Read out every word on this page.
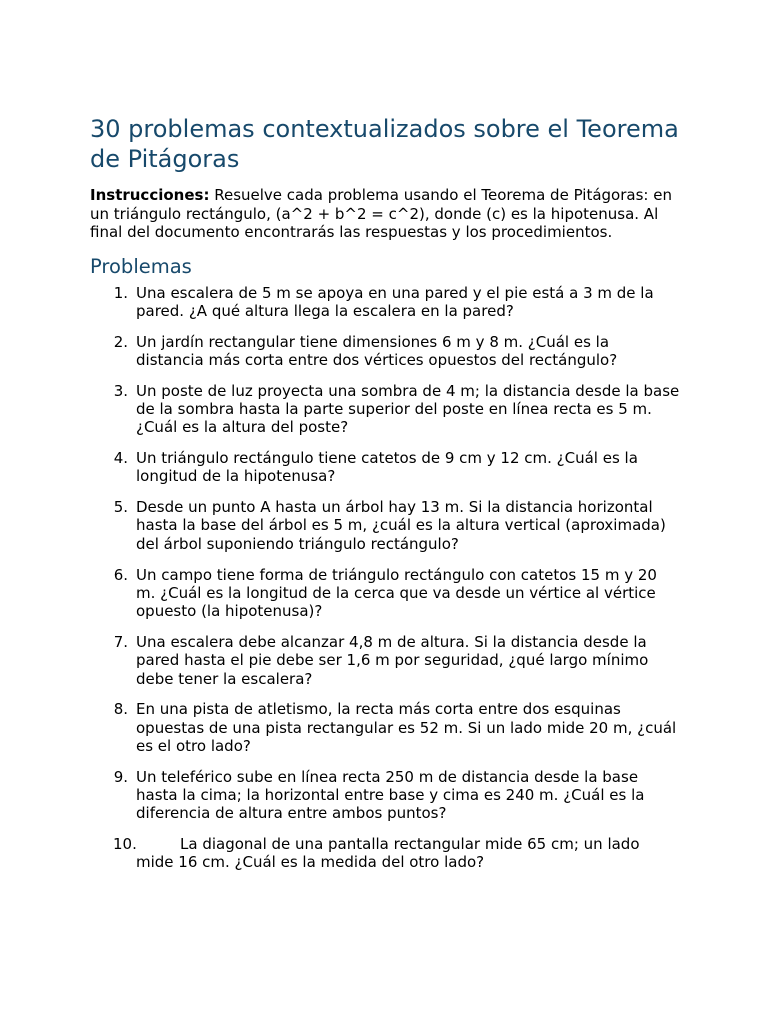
30 problemas contextualizados sobre el Teorema de Pitágoras

Instrucciones: Resuelve cada problema usando el Teorema de Pitágoras: en un triángulo rectángulo, (a^2 + b^2 = c^2), donde (c) es la hipotenusa. Al final del documento encontrarás las respuestas y los procedimientos.

Problemas
1. Una escalera de 5 m se apoya en una pared y el pie está a 3 m de la pared. ¿A qué altura llega la escalera en la pared?
2. Un jardín rectangular tiene dimensiones 6 m y 8 m. ¿Cuál es la distancia más corta entre dos vértices opuestos del rectángulo?
3. Un poste de luz proyecta una sombra de 4 m; la distancia desde la base de la sombra hasta la parte superior del poste en línea recta es 5 m. ¿Cuál es la altura del poste?
4. Un triángulo rectángulo tiene catetos de 9 cm y 12 cm. ¿Cuál es la longitud de la hipotenusa?
5. Desde un punto A hasta un árbol hay 13 m. Si la distancia horizontal hasta la base del árbol es 5 m, ¿cuál es la altura vertical (aproximada) del árbol suponiendo triángulo rectángulo?
6. Un campo tiene forma de triángulo rectángulo con catetos 15 m y 20 m. ¿Cuál es la longitud de la cerca que va desde un vértice al vértice opuesto (la hipotenusa)?
7. Una escalera debe alcanzar 4,8 m de altura. Si la distancia desde la pared hasta el pie debe ser 1,6 m por seguridad, ¿qué largo mínimo debe tener la escalera?
8. En una pista de atletismo, la recta más corta entre dos esquinas opuestas de una pista rectangular es 52 m. Si un lado mide 20 m, ¿cuál es el otro lado?
9. Un teleférico sube en línea recta 250 m de distancia desde la base hasta la cima; la horizontal entre base y cima es 240 m. ¿Cuál es la diferencia de altura entre ambos puntos?
10.	La diagonal de una pantalla rectangular mide 65 cm; un lado mide 16 cm. ¿Cuál es la medida del otro lado?
